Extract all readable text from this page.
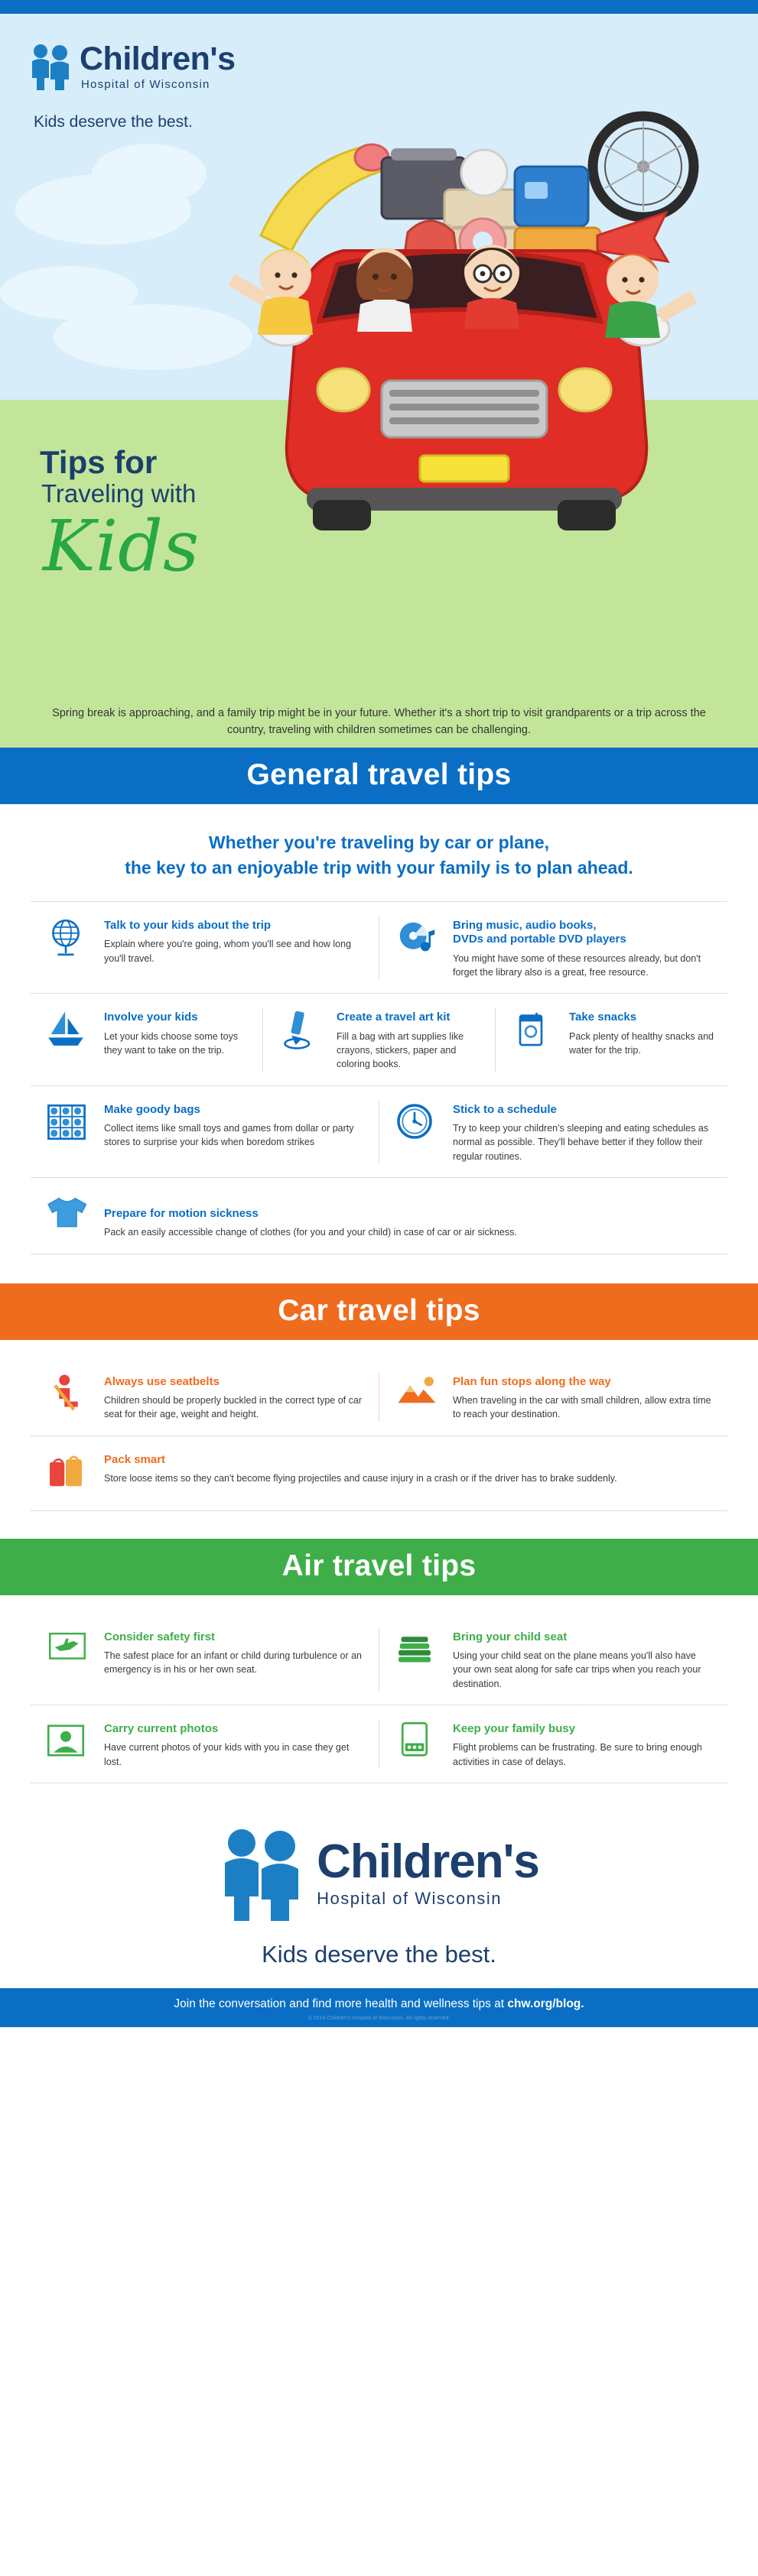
Children's
Hospital of Wisconsin
Kids deserve the best.
Tips for
Traveling with
Kids
Spring break is approaching, and a family trip might be in your future. Whether it's a short trip to visit grandparents or a trip across the country, traveling with children sometimes can be challenging.
General travel tips
Whether you're traveling by car or plane,
the key to an enjoyable trip with your family is to plan ahead.
Talk to your kids about the trip
Explain where you're going, whom you'll see and how long you'll travel.
Bring music, audio books,
DVDs and portable DVD players
You might have some of these resources already, but don't forget the library also is a great, free resource.
Involve your kids
Let your kids choose some toys they want to take on the trip.
Create a travel art kit
Fill a bag with art supplies like crayons, stickers, paper and coloring books.
Take snacks
Pack plenty of healthy snacks and water for the trip.
Make goody bags
Collect items like small toys and games from dollar or party stores to surprise your kids when boredom strikes
Stick to a schedule
Try to keep your children's sleeping and eating schedules as normal as possible. They'll behave better if they follow their regular routines.
Prepare for motion sickness
Pack an easily accessible change of clothes (for you and your child) in case of car or air sickness.
Car travel tips
Always use seatbelts
Children should be properly buckled in the correct type of car seat for their age, weight and height.
Plan fun stops along the way
When traveling in the car with small children, allow extra time to reach your destination.
Pack smart
Store loose items so they can't become flying projectiles and cause injury in a crash or if the driver has to brake suddenly.
Air travel tips
Consider safety first
The safest place for an infant or child during turbulence or an emergency is in his or her own seat.
Bring your child seat
Using your child seat on the plane means you'll also have your own seat along for safe car trips when you reach your destination.
Carry current photos
Have current photos of your kids with you in case they get lost.
Keep your family busy
Flight problems can be frustrating. Be sure to bring enough activities in case of delays.
Children's
Hospital of Wisconsin
Kids deserve the best.
Join the conversation and find more health and wellness tips at chw.org/blog.
© 2014 Children's Hospital of Wisconsin. All rights reserved.
